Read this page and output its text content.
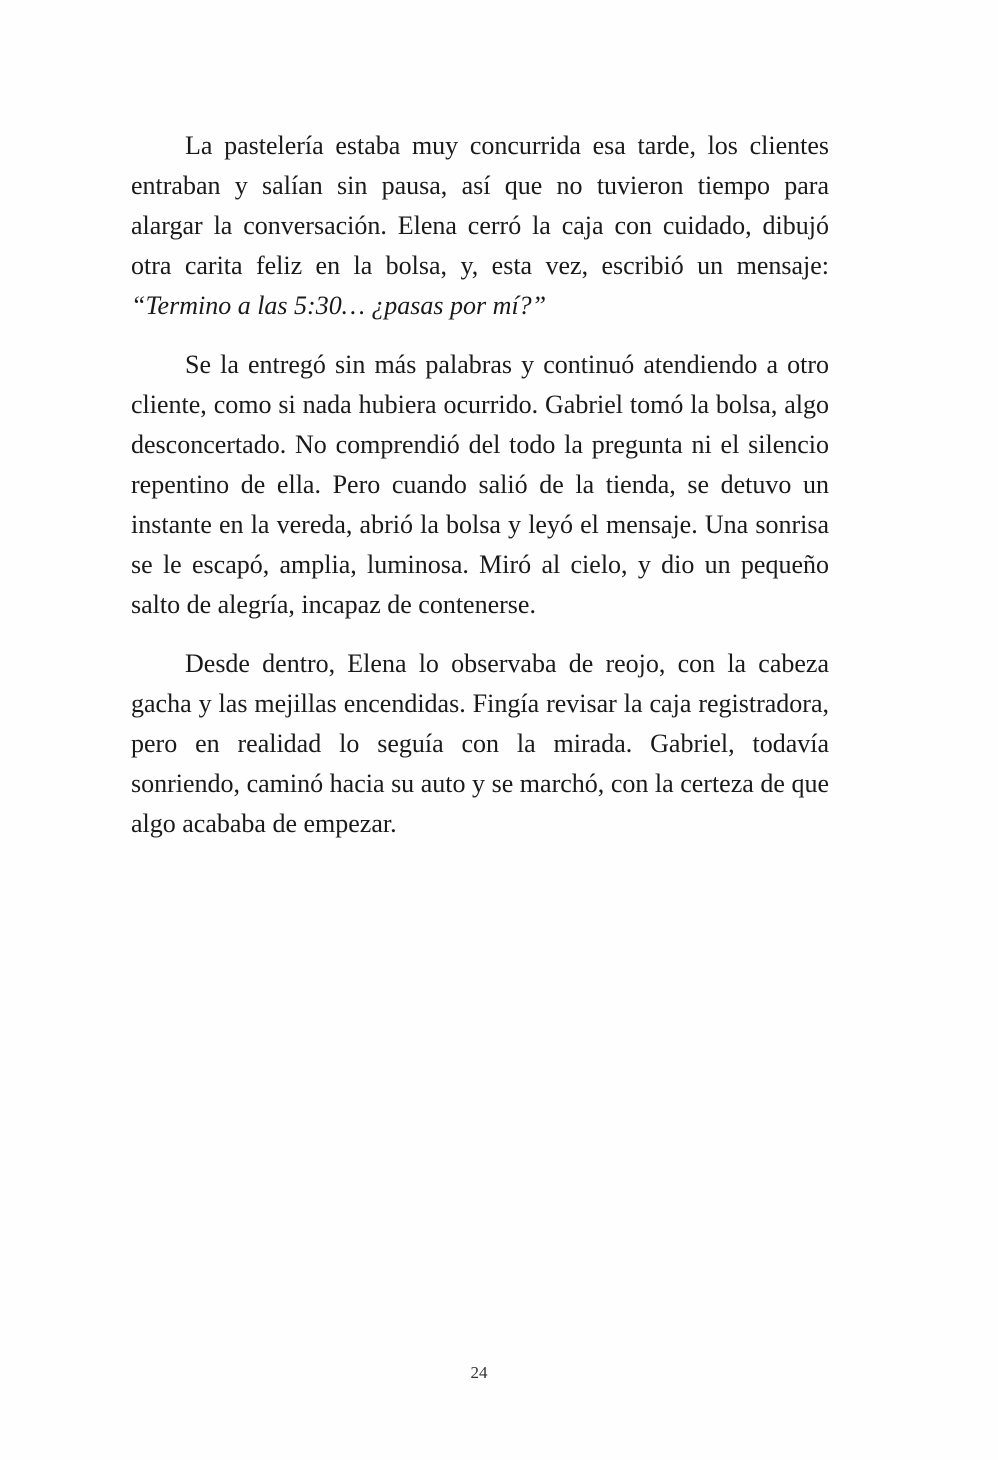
La pastelería estaba muy concurrida esa tarde, los clientes entraban y salían sin pausa, así que no tuvieron tiempo para alargar la conversación. Elena cerró la caja con cuidado, dibujó otra carita feliz en la bolsa, y, esta vez, escribió un mensaje: “Termino a las 5:30… ¿pasas por mí?”

Se la entregó sin más palabras y continuó atendiendo a otro cliente, como si nada hubiera ocurrido. Gabriel tomó la bolsa, algo desconcertado. No comprendió del todo la pregunta ni el silencio repentino de ella. Pero cuando salió de la tienda, se detuvo un instante en la vereda, abrió la bolsa y leyó el mensaje. Una sonrisa se le escapó, amplia, luminosa. Miró al cielo, y dio un pequeño salto de alegría, incapaz de contenerse.

Desde dentro, Elena lo observaba de reojo, con la cabeza gacha y las mejillas encendidas. Fingía revisar la caja registradora, pero en realidad lo seguía con la mirada. Gabriel, todavía sonriendo, caminó hacia su auto y se marchó, con la certeza de que algo acababa de empezar.

24
